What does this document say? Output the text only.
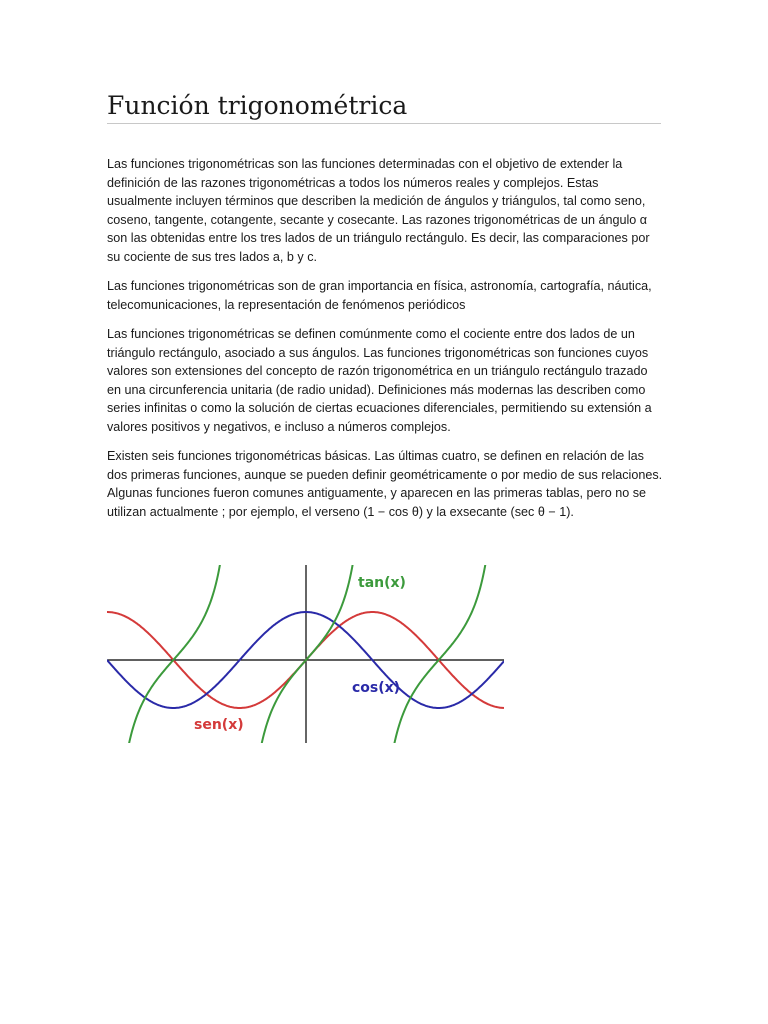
Función trigonométrica

Las funciones trigonométricas son las funciones determinadas con el objetivo de extender la definición de las razones trigonométricas a todos los números reales y complejos. Estas usualmente incluyen términos que describen la medición de ángulos y triángulos, tal como seno, coseno, tangente, cotangente, secante y cosecante. Las razones trigonométricas de un ángulo α son las obtenidas entre los tres lados de un triángulo rectángulo. Es decir, las comparaciones por su cociente de sus tres lados a, b y c.

Las funciones trigonométricas son de gran importancia en física, astronomía, cartografía, náutica, telecomunicaciones, la representación de fenómenos periódicos

Las funciones trigonométricas se definen comúnmente como el cociente entre dos lados de un triángulo rectángulo, asociado a sus ángulos. Las funciones trigonométricas son funciones cuyos valores son extensiones del concepto de razón trigonométrica en un triángulo rectángulo trazado en una circunferencia unitaria (de radio unidad). Definiciones más modernas las describen como series infinitas o como la solución de ciertas ecuaciones diferenciales, permitiendo su extensión a valores positivos y negativos, e incluso a números complejos.

Existen seis funciones trigonométricas básicas. Las últimas cuatro, se definen en relación de las dos primeras funciones, aunque se pueden definir geométricamente o por medio de sus relaciones. Algunas funciones fueron comunes antiguamente, y aparecen en las primeras tablas, pero no se utilizan actualmente ; por ejemplo, el verseno (1 − cos θ) y la exsecante (sec θ − 1).

tan(x)
cos(x)
sen(x)
